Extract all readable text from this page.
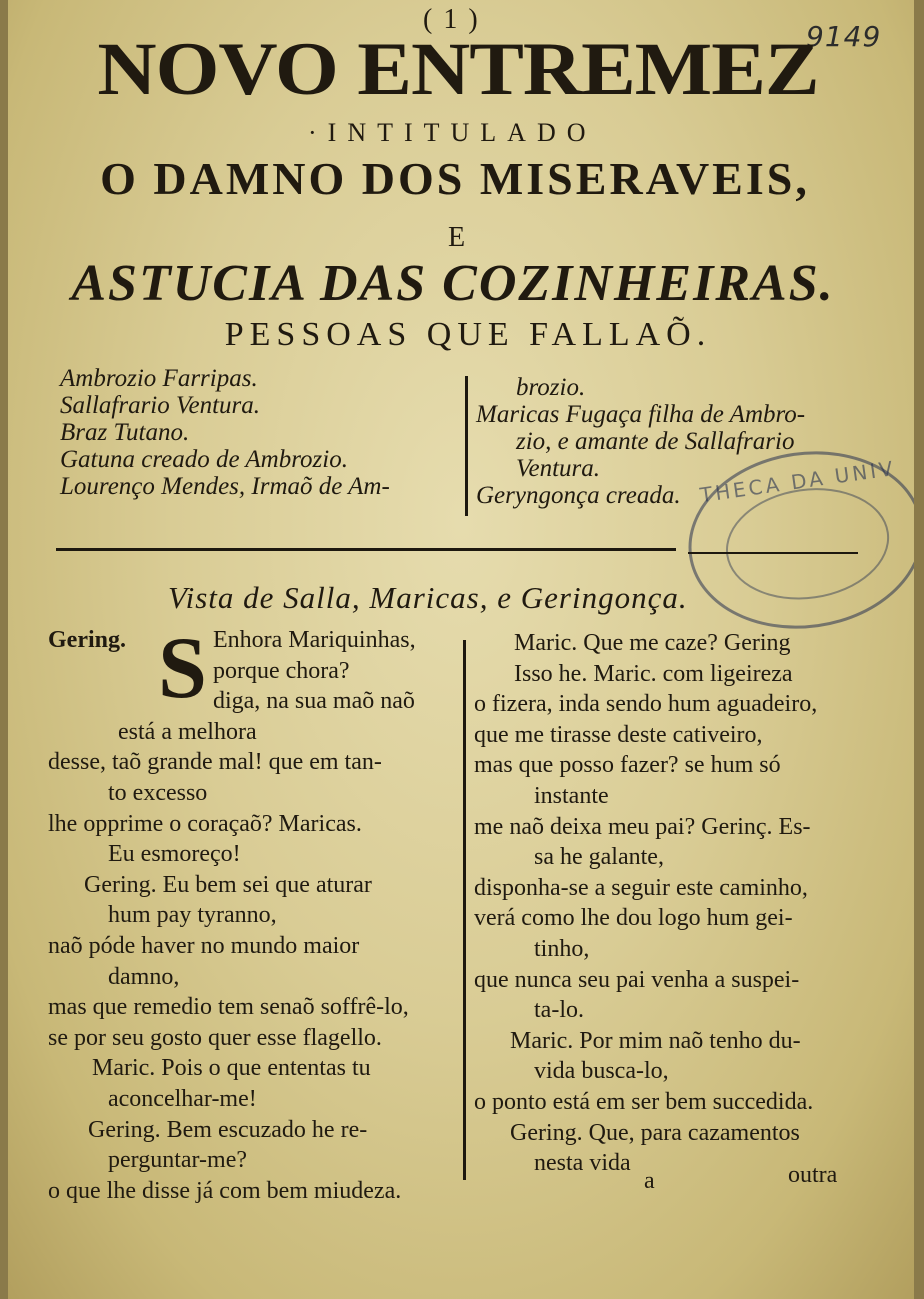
( 1 )
9149
NOVO ENTREMEZ
·INTITULADO
O DAMNO DOS MISERAVEIS,
E
ASTUCIA DAS COZINHEIRAS.
PESSOAS QUE FALLAÕ.
Ambrozio Farripas.
Sallafrario Ventura.
Braz Tutano.
Gatuna creado de Ambrozio.
Lourenço Mendes, Irmaõ de Am-
brozio.
Maricas Fugaça filha de Ambro-
zio, e amante de Sallafrario
Ventura.
Geryngonça creada. THECA DA UNIV
Vista de Salla, Maricas, e Geringonça.
Gering. S Enhora Mariquinhas,
porque chora?
diga, na sua maõ naõ
está a melhora
desse, taõ grande mal! que em tan-
to excesso
lhe opprime o coraçaõ? Maricas.
Eu esmoreço!
Gering. Eu bem sei que aturar
hum pay tyranno,
naõ póde haver no mundo maior
damno,
mas que remedio tem senaõ soffrê-lo,
se por seu gosto quer esse flagello.
Maric. Pois o que ententas tu
aconcelhar-me!
Gering. Bem escuzado he re-
perguntar-me?
o que lhe disse já com bem miudeza.
Maric. Que me caze? Gering
Isso he. Maric. com ligeireza
o fizera, inda sendo hum aguadeiro,
que me tirasse deste cativeiro,
mas que posso fazer? se hum só
instante
me naõ deixa meu pai? Gerinç. Es-
sa he galante,
disponha-se a seguir este caminho,
verá como lhe dou logo hum gei-
tinho,
que nunca seu pai venha a suspei-
ta-lo.
Maric. Por mim naõ tenho du-
vida busca-lo,
o ponto está em ser bem succedida.
Gering. Que, para cazamentos
nesta vida
a	outra
